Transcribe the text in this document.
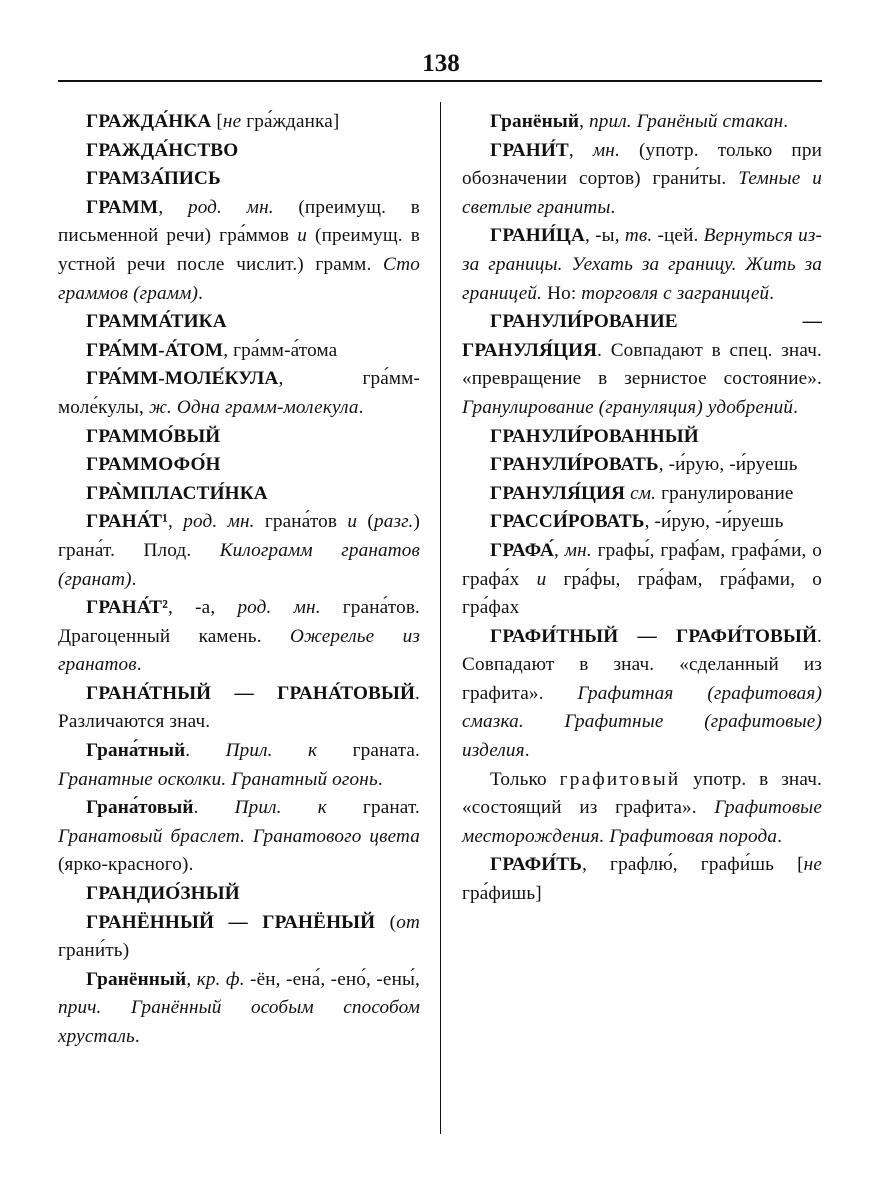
138

ГРАЖДА́НКА [не гра́жданка]

ГРАЖДА́НСТВО

ГРАМЗА́ПИСЬ

ГРАММ, род. мн. (преимущ. в письменной речи) гра́ммов и (преимущ. в устной речи после числит.) грамм. Сто граммов (грамм).

ГРАММА́ТИКА

ГРА́ММ-А́ТОМ, гра́мм-а́тома

ГРА́ММ-МОЛЕ́КУЛА, гра́мм-моле́кулы, ж. Одна грамм-молекула.

ГРАММО́ВЫЙ

ГРАММОФО́Н

ГРА̀МПЛАСТИ́НКА

ГРАНА́Т¹, род. мн. грана́тов и (разг.) грана́т. Плод. Килограмм гранатов (гранат).

ГРАНА́Т², -а, род. мн. грана́тов. Драгоценный камень. Ожерелье из гранатов.

ГРАНА́ТНЫЙ — ГРАНА́ТОВЫЙ. Различаются знач.

Грана́тный. Прил. к граната. Гранатные осколки. Гранатный огонь.

Грана́товый. Прил. к гранат. Гранатовый браслет. Гранатового цвета (ярко-красного).

ГРАНДИО́ЗНЫЙ

ГРАНЁННЫЙ — ГРАНЁНЫЙ (от грани́ть)

Гранённый, кр. ф. -ён, -ена́, -ено́, -ены́, прич. Гранённый особым способом хрусталь.

Гранёный, прил. Гранёный стакан.

ГРАНИ́Т, мн. (употр. только при обозначении сортов) грани́ты. Темные и светлые граниты.

ГРАНИ́ЦА, -ы, тв. -цей. Вернуться из-за границы. Уехать за границу. Жить за границей. Но: торговля с заграницей.

ГРАНУЛИ́РОВАНИЕ — ГРАНУЛЯ́ЦИЯ. Совпадают в спец. знач. «превращение в зернистое состояние». Гранулирование (грануляция) удобрений.

ГРАНУЛИ́РОВАННЫЙ

ГРАНУЛИ́РОВАТЬ, -и́рую, -и́руешь

ГРАНУЛЯ́ЦИЯ см. гранулирование

ГРАССИ́РОВАТЬ, -и́рую, -и́руешь

ГРАФА́, мн. графы́, граф́ам, графа́ми, о графа́х и гра́фы, гра́фам, гра́фами, о гра́фах

ГРАФИ́ТНЫЙ — ГРАФИ́ТОВЫЙ. Совпадают в знач. «сделанный из графита». Графитная (графитовая) смазка. Графитные (графитовые) изделия.

Только графитовый употр. в знач. «состоящий из графита». Графитовые месторождения. Графитовая порода.

ГРАФИ́ТЬ, графлю́, графи́шь [не гра́фишь]
